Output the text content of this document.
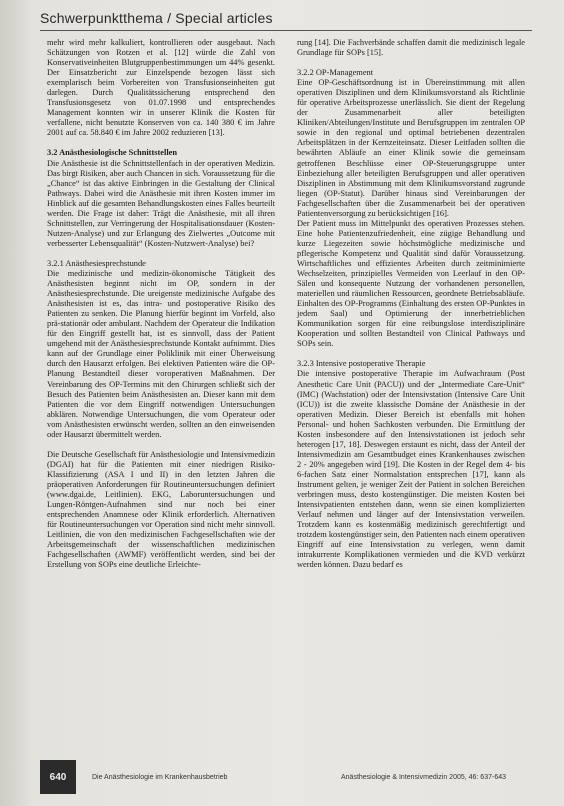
Schwerpunktthema / Special articles

mehr wird mehr kalkuliert, kontrollieren oder ausgebaut. Nach Schätzungen von Rotzen et al. [12] würde die Zahl von Konservativeinheiten Blutgruppenbestimmungen um 44% gesenkt. Der Einsatzbericht zur Einzelspende bezogen lässt sich exemplarisch beim Vorbereiten von Transfusionseinheiten gut darlegen. Durch Qualitätssicherung entsprechend den Transfusionsgesetz von 01.07.1998 und entsprechendes Management konnten wir in unserer Klinik die Kosten für verfallene, nicht benutzte Konserven von ca. 140 380 € im Jahre 2001 auf ca. 58.840 € im Jahre 2002 reduzieren [13].

3.2 Anästhesiologische Schnittstellen

Die Anästhesie ist die Schnittstellenfach in der operativen Medizin. Das birgt Risiken, aber auch Chancen in sich. Voraussetzung für die „Chance“ ist das aktive Einbringen in die Gestaltung der Clinical Pathways. Dabei wird die Anästhesie mit ihren Kosten immer im Hinblick auf die gesamten Behandlungskosten eines Falles beurteilt werden. Die Frage ist daher: Trägt die Anästhesie, mit all ihren Schnittstellen, zur Verringerung der Hospitalisationsdauer (Kosten-Nutzen-Analyse) und zur Erlangung des Zielwertes „Outcome mit verbesserter Lebensqualität“ (Kosten-Nutzwert-Analyse) bei?

3.2.1 Anästhesiesprechstunde

Die medizinische und medizin-ökonomische Tätigkeit des Anästhesisten beginnt nicht im OP, sondern in der Anästhesiesprechstunde. Die ureigenste medizinische Aufgabe des Anästhesisten ist es, das intra- und postoperative Risiko des Patienten zu senken. Die Planung hierfür beginnt im Vorfeld, also prä-stationär oder ambulant. Nachdem der Operateur die Indikation für den Eingriff gestellt hat, ist es sinnvoll, dass der Patient umgehend mit der Anästhesiesprechstunde Kontakt aufnimmt. Dies kann auf der Grundlage einer Poliklinik mit einer Überweisung durch den Hausarzt erfolgen. Bei elektiven Patienten wäre die OP-Planung Bestandteil dieser voroperativen Maßnahmen. Der Vereinbarung des OP-Termins mit den Chirurgen schließt sich der Besuch des Patienten beim Anästhesisten an. Dieser kann mit dem Patienten die vor dem Eingriff notwendigen Untersuchungen abklären. Notwendige Untersuchungen, die vom Operateur oder vom Anästhesisten erwünscht werden, sollten an den einweisenden oder Hausarzt übermittelt werden.

Die Deutsche Gesellschaft für Anästhesiologie und Intensivmedizin (DGAI) hat für die Patienten mit einer niedrigen Risiko-Klassifizierung (ASA I und II) in den letzten Jahren die präoperativen Anforderungen für Routineuntersuchungen definiert (www.dgai.de, Leitlinien). EKG, Laboruntersuchungen und Lungen-Röntgen-Aufnahmen sind nur noch bei einer entsprechenden Anamnese oder Klinik erforderlich. Alternativen für Routineuntersuchungen vor Operation sind nicht mehr sinnvoll. Leitlinien, die von den medizinischen Fachgesellschaften wie der Arbeitsgemeinschaft der wissenschaftlichen medizinischen Fachgesellschaften (AWMF) veröffentlicht werden, sind bei der Erstellung von SOPs eine deutliche Erleichte-

rung [14]. Die Fachverbände schaffen damit die medizinisch legale Grundlage für SOPs [15].

3.2.2 OP-Management

Eine OP-Geschäftsordnung ist in Übereinstimmung mit allen operativen Disziplinen und dem Klinikumsvorstand als Richtlinie für operative Arbeitsprozesse unerlässlich. Sie dient der Regelung der Zusammenarbeit aller beteiligten Kliniken/Abteilungen/Institute und Berufsgruppen im zentralen OP sowie in den regional und optimal betriebenen dezentralen Arbeitsplätzen in der Kernzeiteinsatz. Dieser Leitfaden sollten die bewährten Abläufe an einer Klinik sowie die gemeinsam getroffenen Beschlüsse einer OP-Steuerungsgruppe unter Einbeziehung aller beteiligten Berufsgruppen und aller operativen Disziplinen in Abstimmung mit dem Klinikumsvorstand zugrunde liegen (OP-Statut). Darüber hinaus sind Vereinbarungen der Fachgesellschaften über die Zusammenarbeit bei der operativen Patientenversorgung zu berücksichtigen [16].

Der Patient muss im Mittelpunkt des operativen Prozesses stehen. Eine hohe Patientenzufriedenheit, eine zügige Behandlung und kurze Liegezeiten sowie höchstmögliche medizinische und pflegerische Kompetenz und Qualität sind dafür Voraussetzung. Wirtschaftliches und effizientes Arbeiten durch zeitminimierte Wechselzeiten, prinzipielles Vermeiden von Leerlauf in den OP-Sälen und konsequente Nutzung der vorhandenen personellen, materiellen und räumlichen Ressourcen, geordnete Betriebsabläufe. Einhalten des OP-Programms (Einhaltung des ersten OP-Punktes in jedem Saal) und Optimierung der innerbetrieblichen Kommunikation sorgen für eine reibungslose interdisziplinäre Kooperation und sollten Bestandteil von Clinical Pathways und SOPs sein.

3.2.3 Intensive postoperative Therapie

Die intensive postoperative Therapie im Aufwachraum (Post Anesthetic Care Unit (PACU)) und der „Intermediate Care-Unit“ (IMC) (Wachstation) oder der Intensivstation (Intensive Care Unit (ICU)) ist die zweite klassische Domäne der Anästhesie in der operativen Medizin. Dieser Bereich ist ebenfalls mit hohen Personal- und hohen Sachkosten verbunden. Die Ermittlung der Kosten insbesondere auf den Intensivstationen ist jedoch sehr heterogen [17, 18]. Deswegen erstaunt es nicht, dass der Anteil der Intensivmedizin am Gesamtbudget eines Krankenhauses zwischen 2 - 20% angegeben wird [19]. Die Kosten in der Regel dem 4- bis 6-fachen Satz einer Normalstation entsprechen [17], kann als Instrument gelten, je weniger Zeit der Patient in solchen Bereichen verbringen muss, desto kostengünstiger. Die meisten Kosten bei Intensivpatienten entstehen dann, wenn sie einen komplizierten Verlauf nehmen und länger auf der Intensivstation verweilen. Trotzdem kann es kostenmäßig medizinisch gerechtfertigt und trotzdem kostengünstiger sein, den Patienten nach einem operativen Eingriff auf eine Intensivstation zu verlegen, wenn damit intrakurrente Komplikationen vermieden und die KVD verkürzt werden können. Dazu bedarf es

640	Die Anästhesiologie im Krankenhausbetrieb	Anästhesiologie & Intensivmedizin 2005, 46: 637-643
